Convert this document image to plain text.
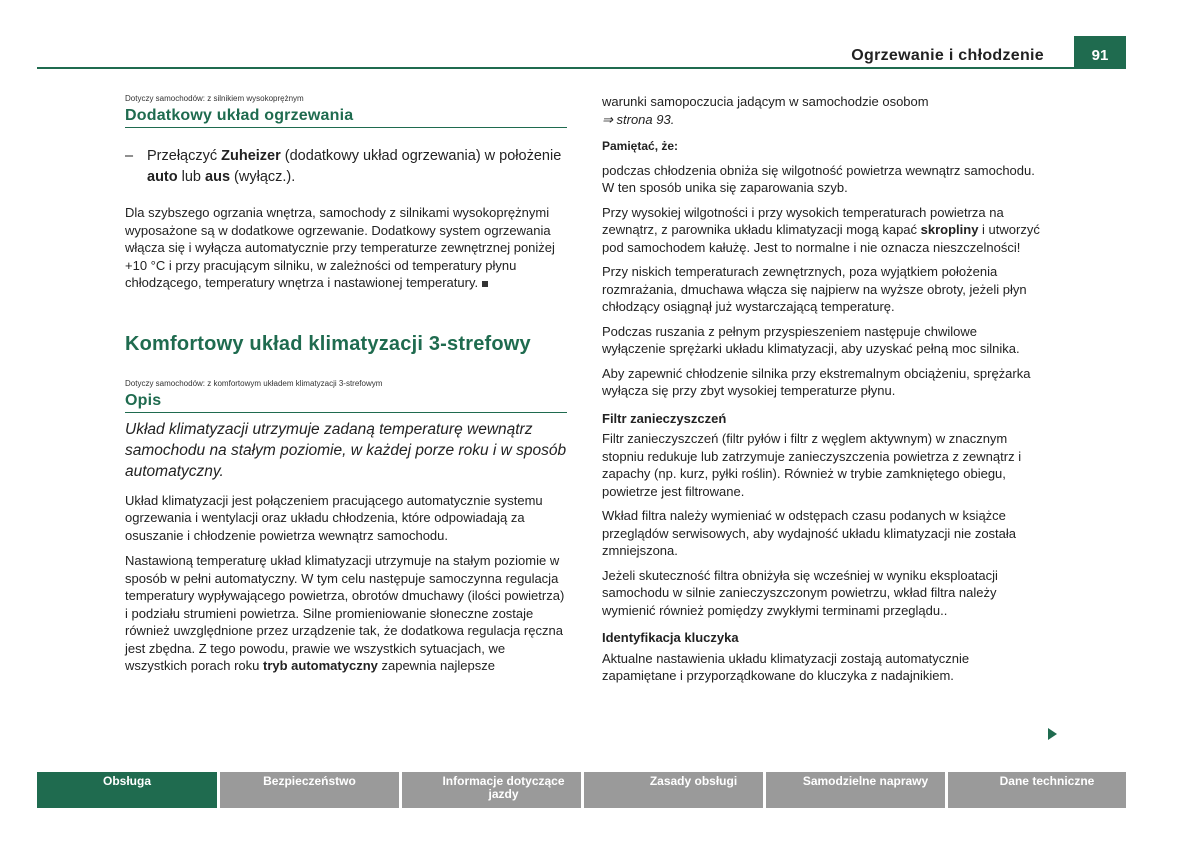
Ogrzewanie i chłodzenie	91

Dotyczy samochodów: z silnikiem wysokoprężnym

Dodatkowy układ ogrzewania
– Przełączyć Zuheizer (dodatkowy układ ogrzewania) w położenie auto lub aus (wyłącz.).

Dla szybszego ogrzania wnętrza, samochody z silnikami wysokoprężnymi wyposażone są w dodatkowe ogrzewanie. Dodatkowy system ogrzewania włącza się i wyłącza automatycznie przy temperaturze zewnętrznej poniżej +10 °C i przy pracującym silniku, w zależności od temperatury płynu chłodzącego, temperatury wnętrza i nastawionej temperatury.

Komfortowy układ klimatyzacji 3-strefowy

Dotyczy samochodów: z komfortowym układem klimatyzacji 3-strefowym

Opis

Układ klimatyzacji utrzymuje zadaną temperaturę wewnątrz samochodu na stałym poziomie, w każdej porze roku i w sposób automatyczny.

Układ klimatyzacji jest połączeniem pracującego automatycznie systemu ogrzewania i wentylacji oraz układu chłodzenia, które odpowiadają za osuszanie i chłodzenie powietrza wewnątrz samochodu.

Nastawioną temperaturę układ klimatyzacji utrzymuje na stałym poziomie w sposób w pełni automatyczny. W tym celu następuje samoczynna regulacja temperatury wypływającego powietrza, obrotów dmuchawy (ilości powietrza) i podziału strumieni powietrza. Silne promieniowanie słoneczne zostaje również uwzględnione przez urządzenie tak, że dodatkowa regulacja ręczna jest zbędna. Z tego powodu, prawie we wszystkich sytuacjach, we wszystkich porach roku tryb automatyczny zapewnia najlepsze

warunki samopoczucia jadącym w samochodzie osobom
⇒ strona 93.

Pamiętać, że:

podczas chłodzenia obniża się wilgotność powietrza wewnątrz samochodu. W ten sposób unika się zaparowania szyb.

Przy wysokiej wilgotności i przy wysokich temperaturach powietrza na zewnątrz, z parownika układu klimatyzacji mogą kapać skropliny i utworzyć pod samochodem kałużę. Jest to normalne i nie oznacza nieszczelności!

Przy niskich temperaturach zewnętrznych, poza wyjątkiem położenia rozmrażania, dmuchawa włącza się najpierw na wyższe obroty, jeżeli płyn chłodzący osiągnął już wystarczającą temperaturę.

Podczas ruszania z pełnym przyspieszeniem następuje chwilowe wyłączenie sprężarki układu klimatyzacji, aby uzyskać pełną moc silnika.

Aby zapewnić chłodzenie silnika przy ekstremalnym obciążeniu, sprężarka wyłącza się przy zbyt wysokiej temperaturze płynu.

Filtr zanieczyszczeń

Filtr zanieczyszczeń (filtr pyłów i filtr z węglem aktywnym) w znacznym stopniu redukuje lub zatrzymuje zanieczyszczenia powietrza z zewnątrz i zapachy (np. kurz, pyłki roślin). Również w trybie zamkniętego obiegu, powietrze jest filtrowane.

Wkład filtra należy wymieniać w odstępach czasu podanych w książce przeglądów serwisowych, aby wydajność układu klimatyzacji nie została zmniejszona.

Jeżeli skuteczność filtra obniżyła się wcześniej w wyniku eksploatacji samochodu w silnie zanieczyszczonym powietrzu, wkład filtra należy wymienić również pomiędzy zwykłymi terminami przeglądu..

Identyfikacja kluczyka

Aktualne nastawienia układu klimatyzacji zostają automatycznie zapamiętane i przyporządkowane do kluczyka z nadajnikiem.

Obsługa	Bezpieczeństwo	Informacje dotyczące jazdy
Zasady obsługi	Samodzielne naprawy	Dane techniczne
